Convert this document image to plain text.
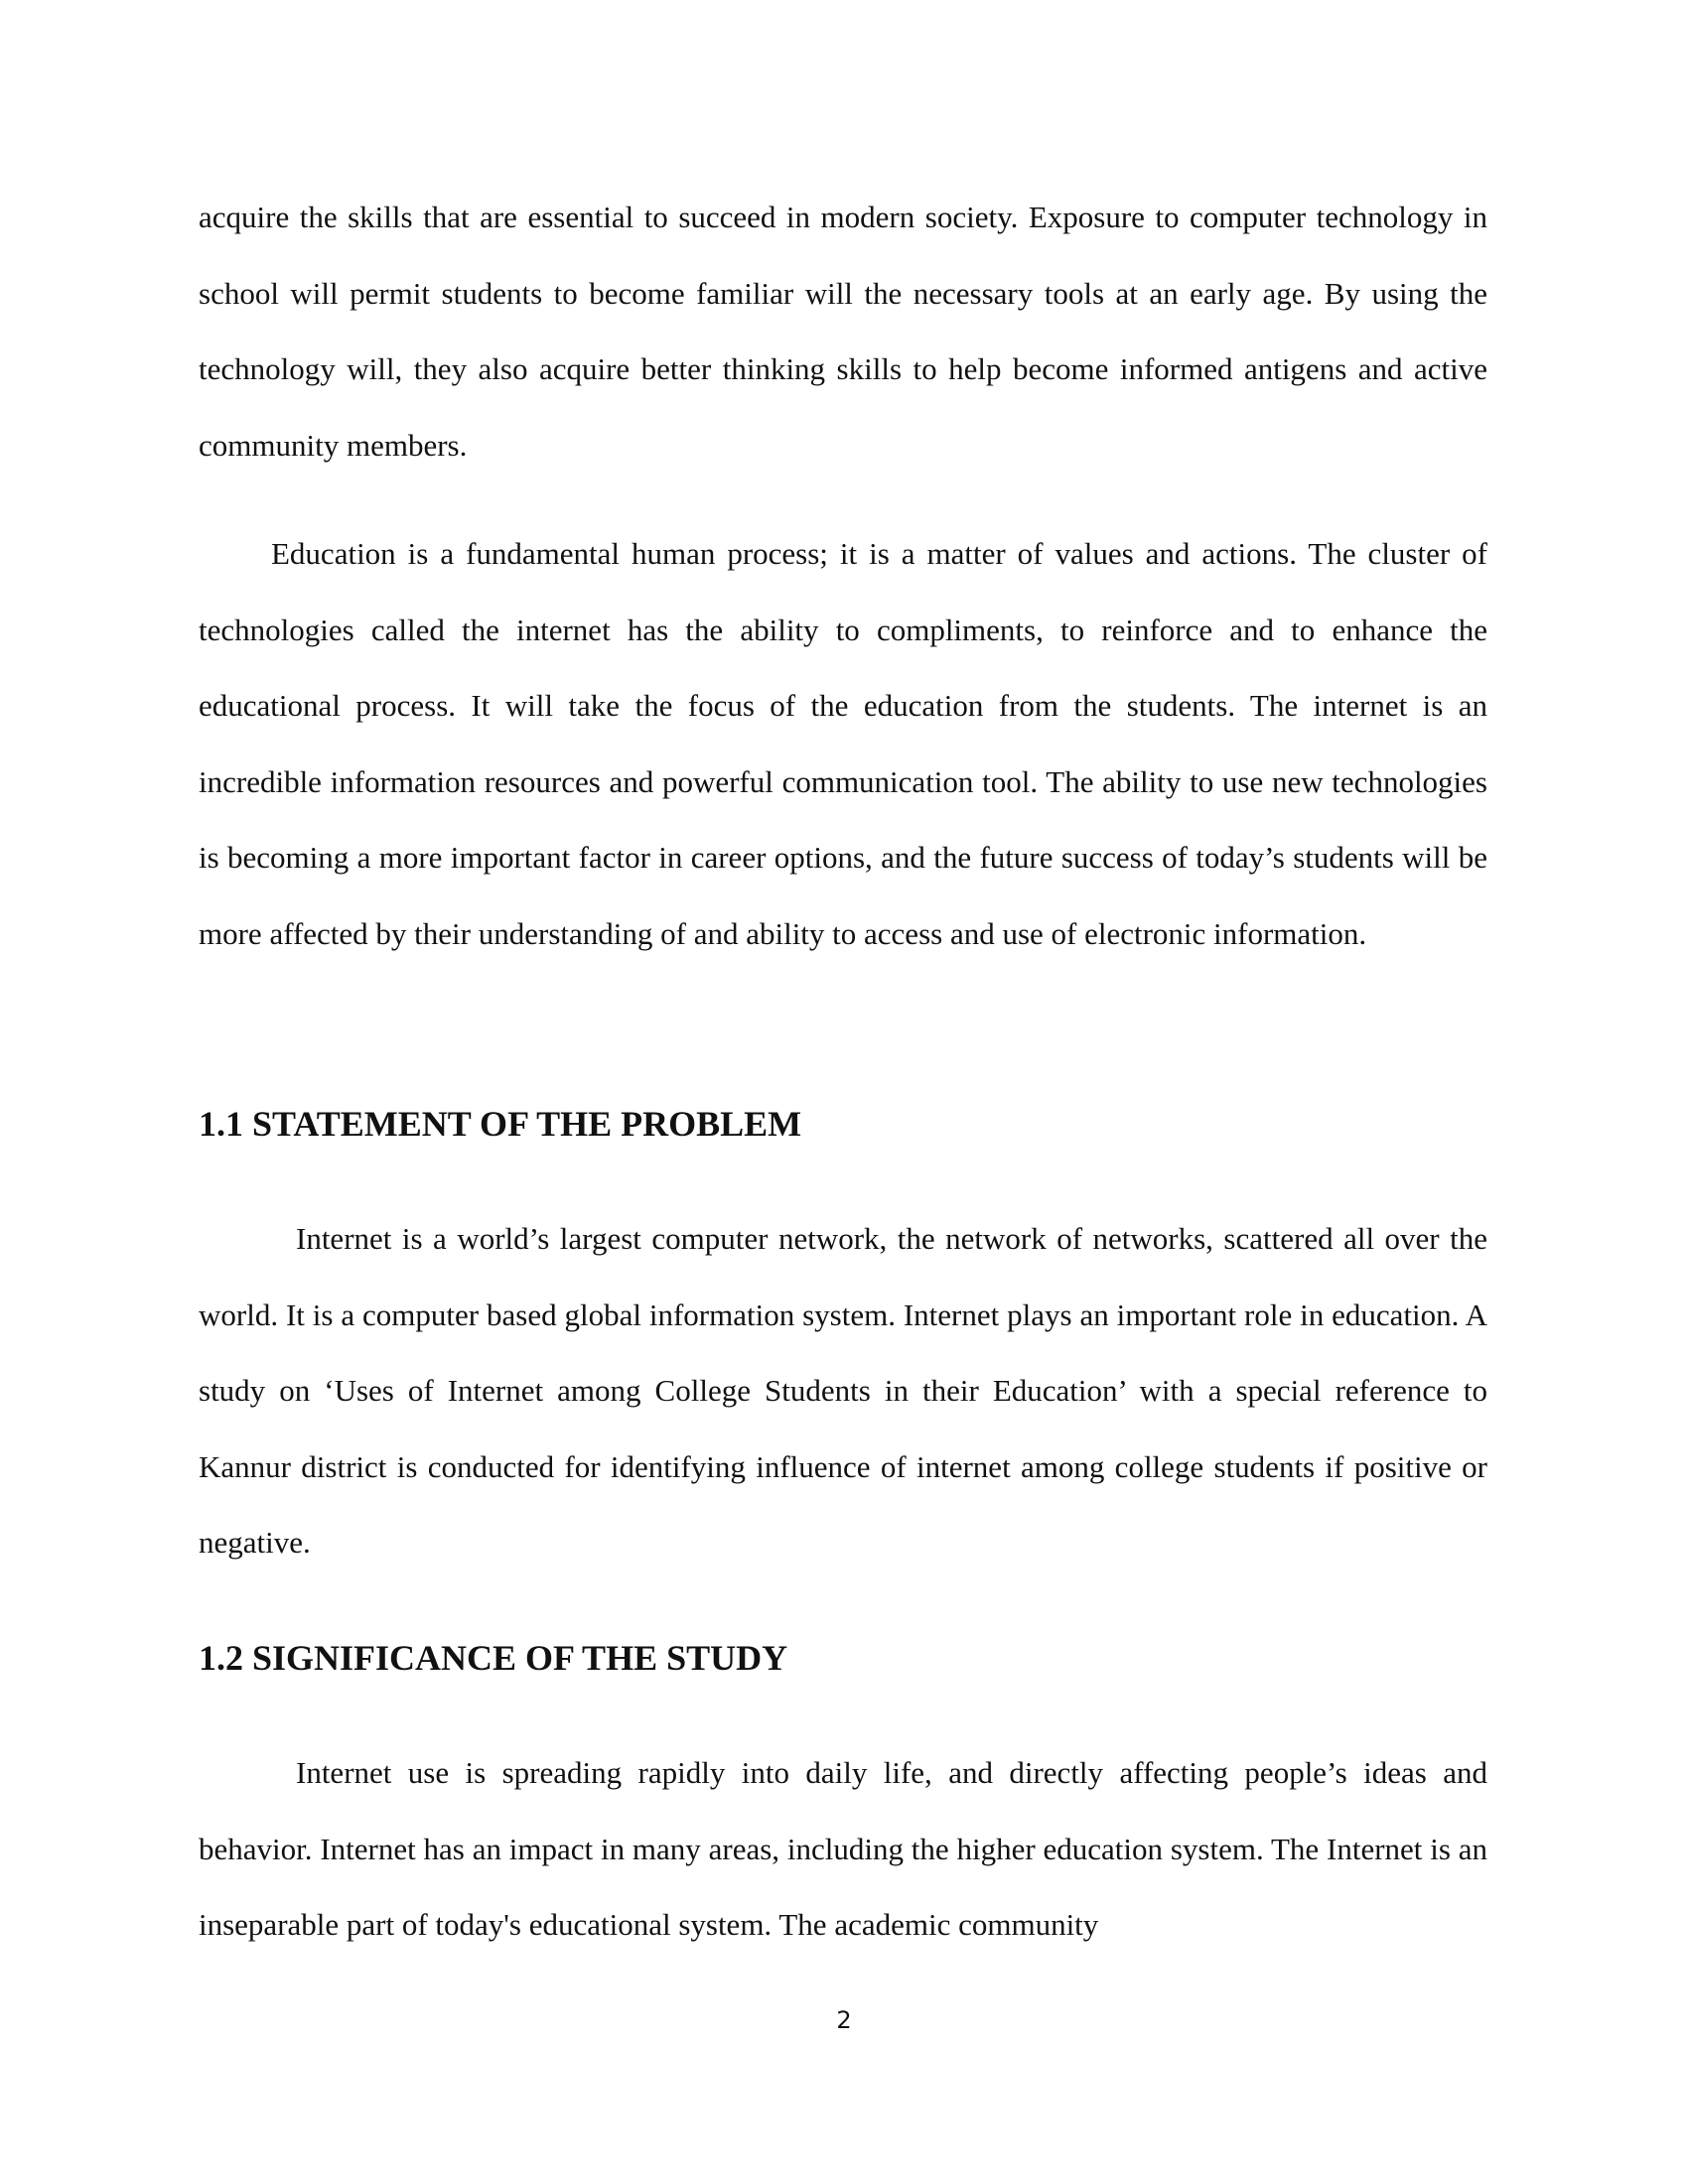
acquire the skills that are essential to succeed in modern society. Exposure to computer technology in school will permit students to become familiar will the necessary tools at an early age. By using the technology will, they also acquire better thinking skills to help become informed antigens and active community members.

Education is a fundamental human process; it is a matter of values and actions. The cluster of technologies called the internet has the ability to compliments, to reinforce and to enhance the educational process. It will take the focus of the education from the students. The internet is an incredible information resources and powerful communication tool. The ability to use new technologies is becoming a more important factor in career options, and the future success of today’s students will be more affected by their understanding of and ability to access and use of electronic information.

1.1 STATEMENT OF THE PROBLEM

Internet is a world’s largest computer network, the network of networks, scattered all over the world. It is a computer based global information system. Internet plays an important role in education. A study on ‘Uses of Internet among College Students in their Education’ with a special reference to Kannur district is conducted for identifying influence of internet among college students if positive or negative.

1.2 SIGNIFICANCE OF THE STUDY

Internet use is spreading rapidly into daily life, and directly affecting people’s ideas and behavior. Internet has an impact in many areas, including the higher education system. The Internet is an inseparable part of today's educational system. The academic community

2
